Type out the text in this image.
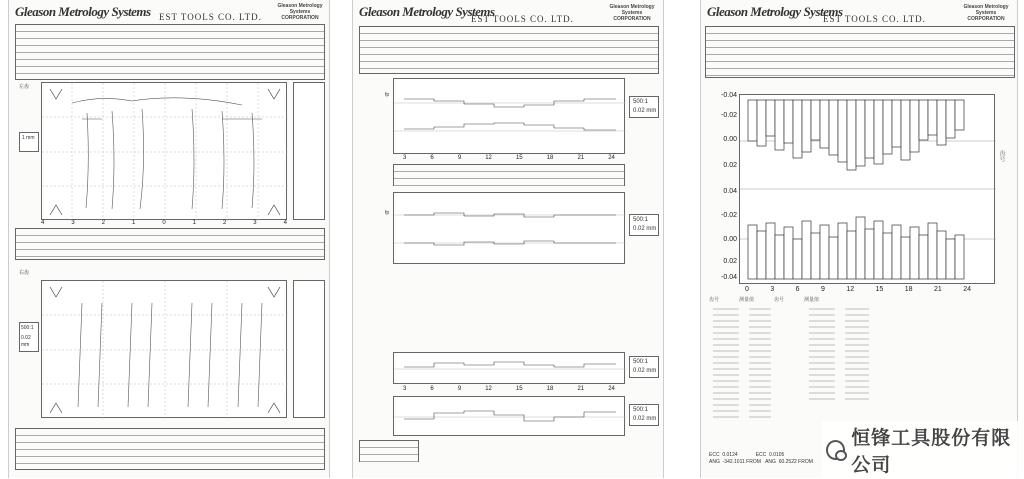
Gleason Metrology Systems EST TOOLS CO. LTD.
Gleason Metrology Systems CORPORATION
左齿
1 mm
4	3	2	1	0	1	2	3	4
右齿
500:1
0.02 mm
Gleason Metrology Systems
EST TOOLS CO. LTD.
Gleason Metrology Systems CORPORATION
fp
500:1
0.02 mm
3	6	9	12	15	18	21	24
fp
500:1
0.02 mm
500:1
0.02 mm
3	6	9	12	15	18	21	24
500:1
0.02 mm
Gleason Metrology Systems
EST TOOLS CO. LTD.
Gleason Metrology Systems CORPORATION
-0.04
-0.02
0.00
0.02
0.04
-0.02
0.00
0.02
-0.04
齿号
0	3	6	9	12	15	18	21	24
齿号	测量值	齿号	测量值
ECC 0.0124	ECC 0.0105
ANG -342.1011 FROM ANG 60.2522 FROM
恒锋工具股份有限公司
